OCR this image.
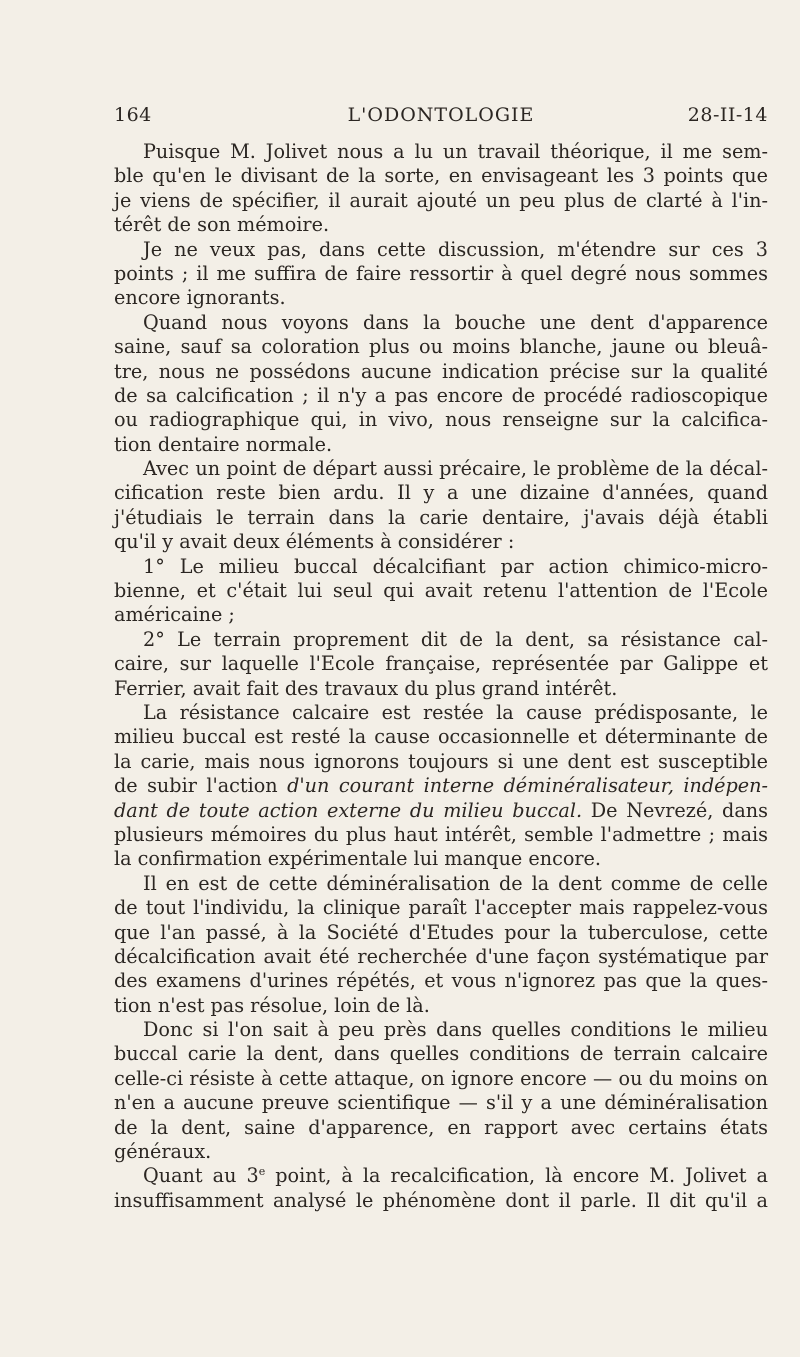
164	L'ODONTOLOGIE	28-II-14
Puisque M. Jolivet nous a lu un travail théorique, il me sem-
ble qu'en le divisant de la sorte, en envisageant les 3 points que
je viens de spécifier, il aurait ajouté un peu plus de clarté à l'in-
térêt de son mémoire.
Je ne veux pas, dans cette discussion, m'étendre sur ces 3
points ; il me suffira de faire ressortir à quel degré nous sommes
encore ignorants.
Quand nous voyons dans la bouche une dent d'apparence
saine, sauf sa coloration plus ou moins blanche, jaune ou bleuâ-
tre, nous ne possédons aucune indication précise sur la qualité
de sa calcification ; il n'y a pas encore de procédé radioscopique
ou radiographique qui, in vivo, nous renseigne sur la calcifica-
tion dentaire normale.
Avec un point de départ aussi précaire, le problème de la décal-
cification reste bien ardu. Il y a une dizaine d'années, quand
j'étudiais le terrain dans la carie dentaire, j'avais déjà établi
qu'il y avait deux éléments à considérer :
1° Le milieu buccal décalcifiant par action chimico-micro-
bienne, et c'était lui seul qui avait retenu l'attention de l'Ecole
américaine ;
2° Le terrain proprement dit de la dent, sa résistance cal-
caire, sur laquelle l'Ecole française, représentée par Galippe et
Ferrier, avait fait des travaux du plus grand intérêt.
La résistance calcaire est restée la cause prédisposante, le
milieu buccal est resté la cause occasionnelle et déterminante de
la carie, mais nous ignorons toujours si une dent est susceptible
de subir l'action d'un courant interne déminéralisateur, indépen-
dant de toute action externe du milieu buccal. De Nevrezé, dans
plusieurs mémoires du plus haut intérêt, semble l'admettre ; mais
la confirmation expérimentale lui manque encore.
Il en est de cette déminéralisation de la dent comme de celle
de tout l'individu, la clinique paraît l'accepter mais rappelez-vous
que l'an passé, à la Société d'Etudes pour la tuberculose, cette
décalcification avait été recherchée d'une façon systématique par
des examens d'urines répétés, et vous n'ignorez pas que la ques-
tion n'est pas résolue, loin de là.
Donc si l'on sait à peu près dans quelles conditions le milieu
buccal carie la dent, dans quelles conditions de terrain calcaire
celle-ci résiste à cette attaque, on ignore encore — ou du moins on
n'en a aucune preuve scientifique — s'il y a une déminéralisation
de la dent, saine d'apparence, en rapport avec certains états
généraux.
Quant au 3e point, à la recalcification, là encore M. Jolivet a
insuffisamment analysé le phénomène dont il parle. Il dit qu'il a
